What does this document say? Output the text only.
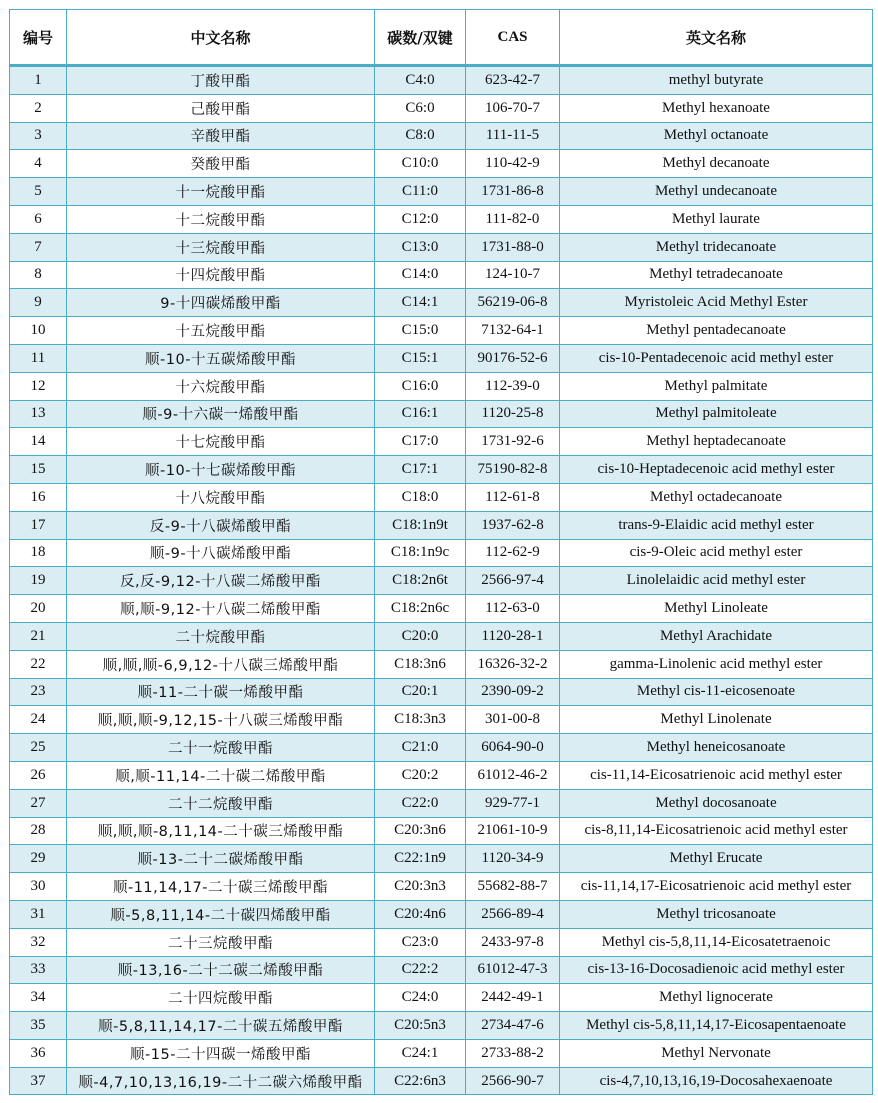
编号	中文名称	碳数/双键	CAS	英文名称
1	丁酸甲酯	C4:0	623-42-7	methyl butyrate
2	己酸甲酯	C6:0	106-70-7	Methyl hexanoate
3	辛酸甲酯	C8:0	111-11-5	Methyl octanoate
4	癸酸甲酯	C10:0	110-42-9	Methyl decanoate
5	十一烷酸甲酯	C11:0	1731-86-8	Methyl undecanoate
6	十二烷酸甲酯	C12:0	111-82-0	Methyl laurate
7	十三烷酸甲酯	C13:0	1731-88-0	Methyl tridecanoate
8	十四烷酸甲酯	C14:0	124-10-7	Methyl tetradecanoate
9	9-十四碳烯酸甲酯	C14:1	56219-06-8	Myristoleic Acid Methyl Ester
10	十五烷酸甲酯	C15:0	7132-64-1	Methyl pentadecanoate
11	顺-10-十五碳烯酸甲酯	C15:1	90176-52-6	cis-10-Pentadecenoic acid methyl ester
12	十六烷酸甲酯	C16:0	112-39-0	Methyl palmitate
13	顺-9-十六碳一烯酸甲酯	C16:1	1120-25-8	Methyl palmitoleate
14	十七烷酸甲酯	C17:0	1731-92-6	Methyl heptadecanoate
15	顺-10-十七碳烯酸甲酯	C17:1	75190-82-8	cis-10-Heptadecenoic acid methyl ester
16	十八烷酸甲酯	C18:0	112-61-8	Methyl octadecanoate
17	反-9-十八碳烯酸甲酯	C18:1n9t	1937-62-8	trans-9-Elaidic acid methyl ester
18	顺-9-十八碳烯酸甲酯	C18:1n9c	112-62-9	cis-9-Oleic acid methyl ester
19	反,反-9,12-十八碳二烯酸甲酯	C18:2n6t	2566-97-4	Linolelaidic acid methyl ester
20	顺,顺-9,12-十八碳二烯酸甲酯	C18:2n6c	112-63-0	Methyl Linoleate
21	二十烷酸甲酯	C20:0	1120-28-1	Methyl Arachidate
22	顺,顺,顺-6,9,12-十八碳三烯酸甲酯	C18:3n6	16326-32-2	gamma-Linolenic acid methyl ester
23	顺-11-二十碳一烯酸甲酯	C20:1	2390-09-2	Methyl cis-11-eicosenoate
24	顺,顺,顺-9,12,15-十八碳三烯酸甲酯	C18:3n3	301-00-8	Methyl Linolenate
25	二十一烷酸甲酯	C21:0	6064-90-0	Methyl heneicosanoate
26	顺,顺-11,14-二十碳二烯酸甲酯	C20:2	61012-46-2	cis-11,14-Eicosatrienoic acid methyl ester
27	二十二烷酸甲酯	C22:0	929-77-1	Methyl docosanoate
28	顺,顺,顺-8,11,14-二十碳三烯酸甲酯	C20:3n6	21061-10-9	cis-8,11,14-Eicosatrienoic acid methyl ester
29	顺-13-二十二碳烯酸甲酯	C22:1n9	1120-34-9	Methyl Erucate
30	顺-11,14,17-二十碳三烯酸甲酯	C20:3n3	55682-88-7	cis-11,14,17-Eicosatrienoic acid methyl ester
31	顺-5,8,11,14-二十碳四烯酸甲酯	C20:4n6	2566-89-4	Methyl tricosanoate
32	二十三烷酸甲酯	C23:0	2433-97-8	Methyl cis-5,8,11,14-Eicosatetraenoic
33	顺-13,16-二十二碳二烯酸甲酯	C22:2	61012-47-3	cis-13-16-Docosadienoic acid methyl ester
34	二十四烷酸甲酯	C24:0	2442-49-1	Methyl lignocerate
35	顺-5,8,11,14,17-二十碳五烯酸甲酯	C20:5n3	2734-47-6	Methyl cis-5,8,11,14,17-Eicosapentaenoate
36	顺-15-二十四碳一烯酸甲酯	C24:1	2733-88-2	Methyl Nervonate
37	顺-4,7,10,13,16,19-二十二碳六烯酸甲酯	C22:6n3	2566-90-7	cis-4,7,10,13,16,19-Docosahexaenoate
